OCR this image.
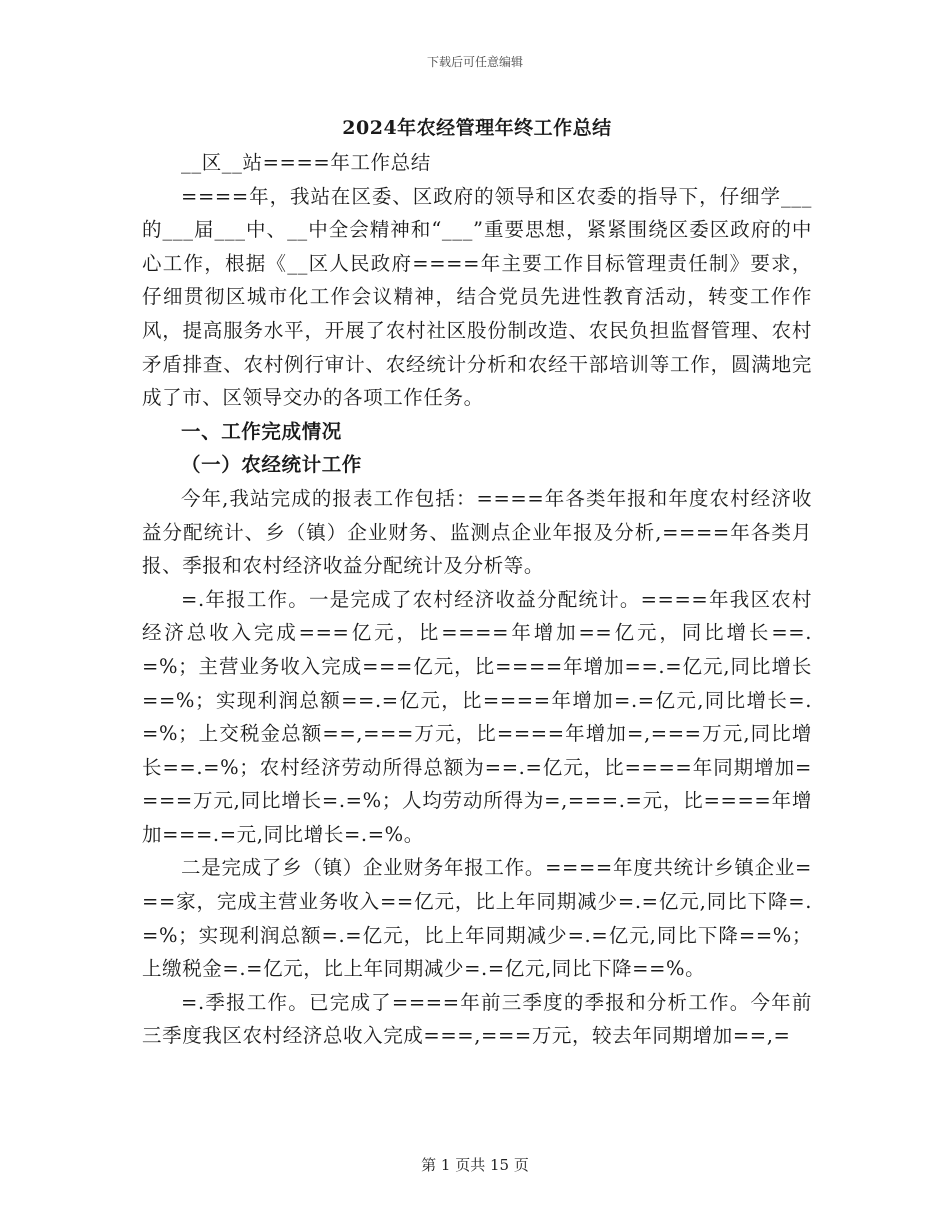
下载后可任意编辑
2024年农经管理年终工作总结

__区__站====年工作总结

====年，我站在区委、区政府的领导和区农委的指导下，仔细学___的___届___中、__中全会精神和“___”重要思想，紧紧围绕区委区政府的中心工作，根据《__区人民政府====年主要工作目标管理责任制》要求，仔细贯彻区城市化工作会议精神，结合党员先进性教育活动，转变工作作风，提高服务水平，开展了农村社区股份制改造、农民负担监督管理、农村矛盾排查、农村例行审计、农经统计分析和农经干部培训等工作，圆满地完成了市、区领导交办的各项工作任务。

一、工作完成情况

（一）农经统计工作

今年,我站完成的报表工作包括：====年各类年报和年度农村经济收益分配统计、乡（镇）企业财务、监测点企业年报及分析,====年各类月报、季报和农村经济收益分配统计及分析等。

=.年报工作。一是完成了农村经济收益分配统计。====年我区农村经济总收入完成===亿元，比====年增加==亿元，同比增长==.=%；主营业务收入完成===亿元，比====年增加==.=亿元,同比增长==%；实现利润总额==.=亿元，比====年增加=.=亿元,同比增长=.=%；上交税金总额==,===万元，比====年增加=,===万元,同比增长==.=%；农村经济劳动所得总额为==.=亿元，比====年同期增加====万元,同比增长=.=%；人均劳动所得为=,===.=元，比====年增加===.=元,同比增长=.=%。

二是完成了乡（镇）企业财务年报工作。====年度共统计乡镇企业===家，完成主营业务收入==亿元，比上年同期减少=.=亿元,同比下降=.=%；实现利润总额=.=亿元，比上年同期减少=.=亿元,同比下降==%；上缴税金=.=亿元，比上年同期减少=.=亿元,同比下降==%。

=.季报工作。已完成了====年前三季度的季报和分析工作。今年前三季度我区农村经济总收入完成===,===万元，较去年同期增加==,=

第 1 页共 15 页
